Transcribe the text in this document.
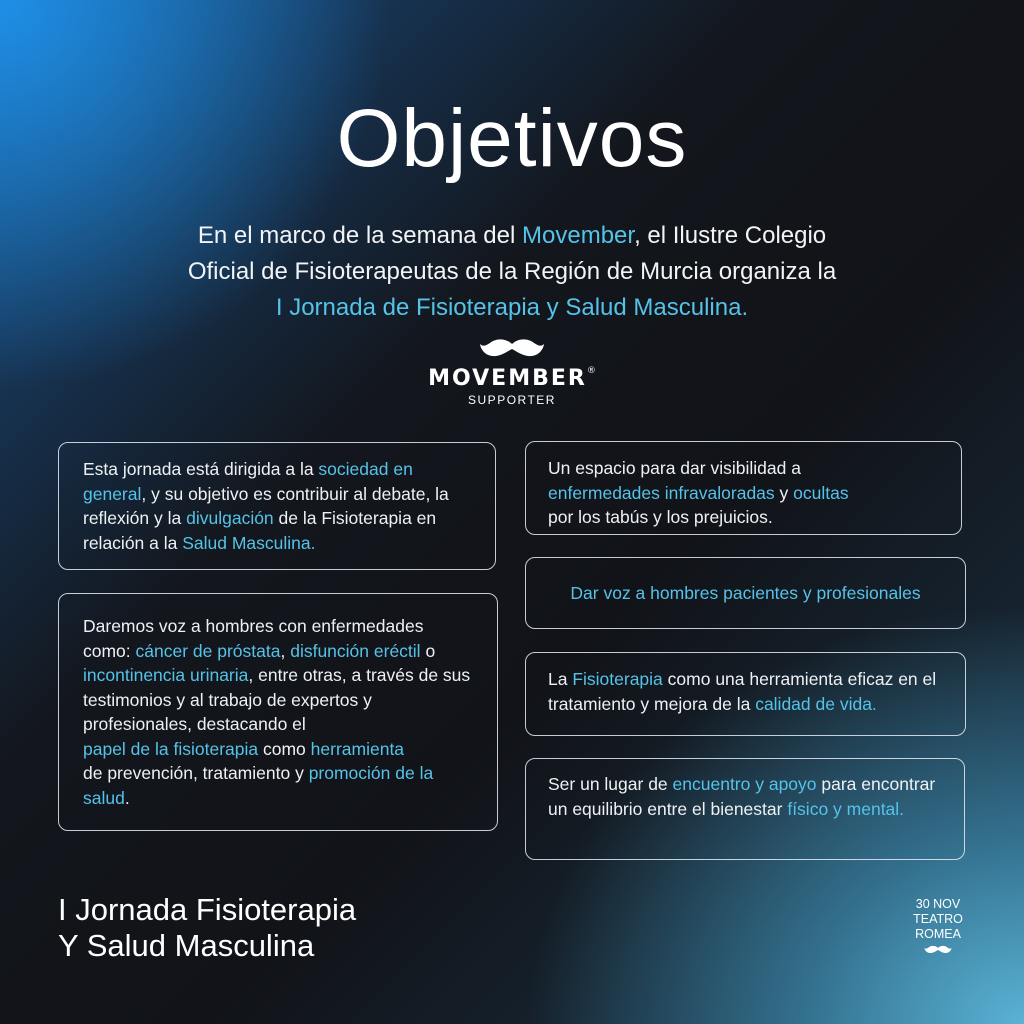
Objetivos
En el marco de la semana del Movember, el Ilustre Colegio
Oficial de Fisioterapeutas de la Región de Murcia organiza la
I Jornada de Fisioterapia y Salud Masculina.
MOVEMBER®
SUPPORTER
Esta jornada está dirigida a la sociedad en general, y su objetivo es contribuir al debate, la reflexión y la divulgación de la Fisioterapia en relación a la Salud Masculina.
Daremos voz a hombres con enfermedades como: cáncer de próstata, disfunción eréctil o incontinencia urinaria, entre otras, a través de sus testimonios y al trabajo de expertos y profesionales, destacando el
papel de la fisioterapia como herramienta
de prevención, tratamiento y promoción de la salud.
Un espacio para dar visibilidad a
enfermedades infravaloradas y ocultas
por los tabús y los prejuicios.
Dar voz a hombres pacientes y profesionales
La Fisioterapia como una herramienta eficaz en el tratamiento y mejora de la calidad de vida.
Ser un lugar de encuentro y apoyo para encontrar un equilibrio entre el bienestar físico y mental.
I Jornada Fisioterapia
Y Salud Masculina
30 NOV
TEATRO
ROMEA
